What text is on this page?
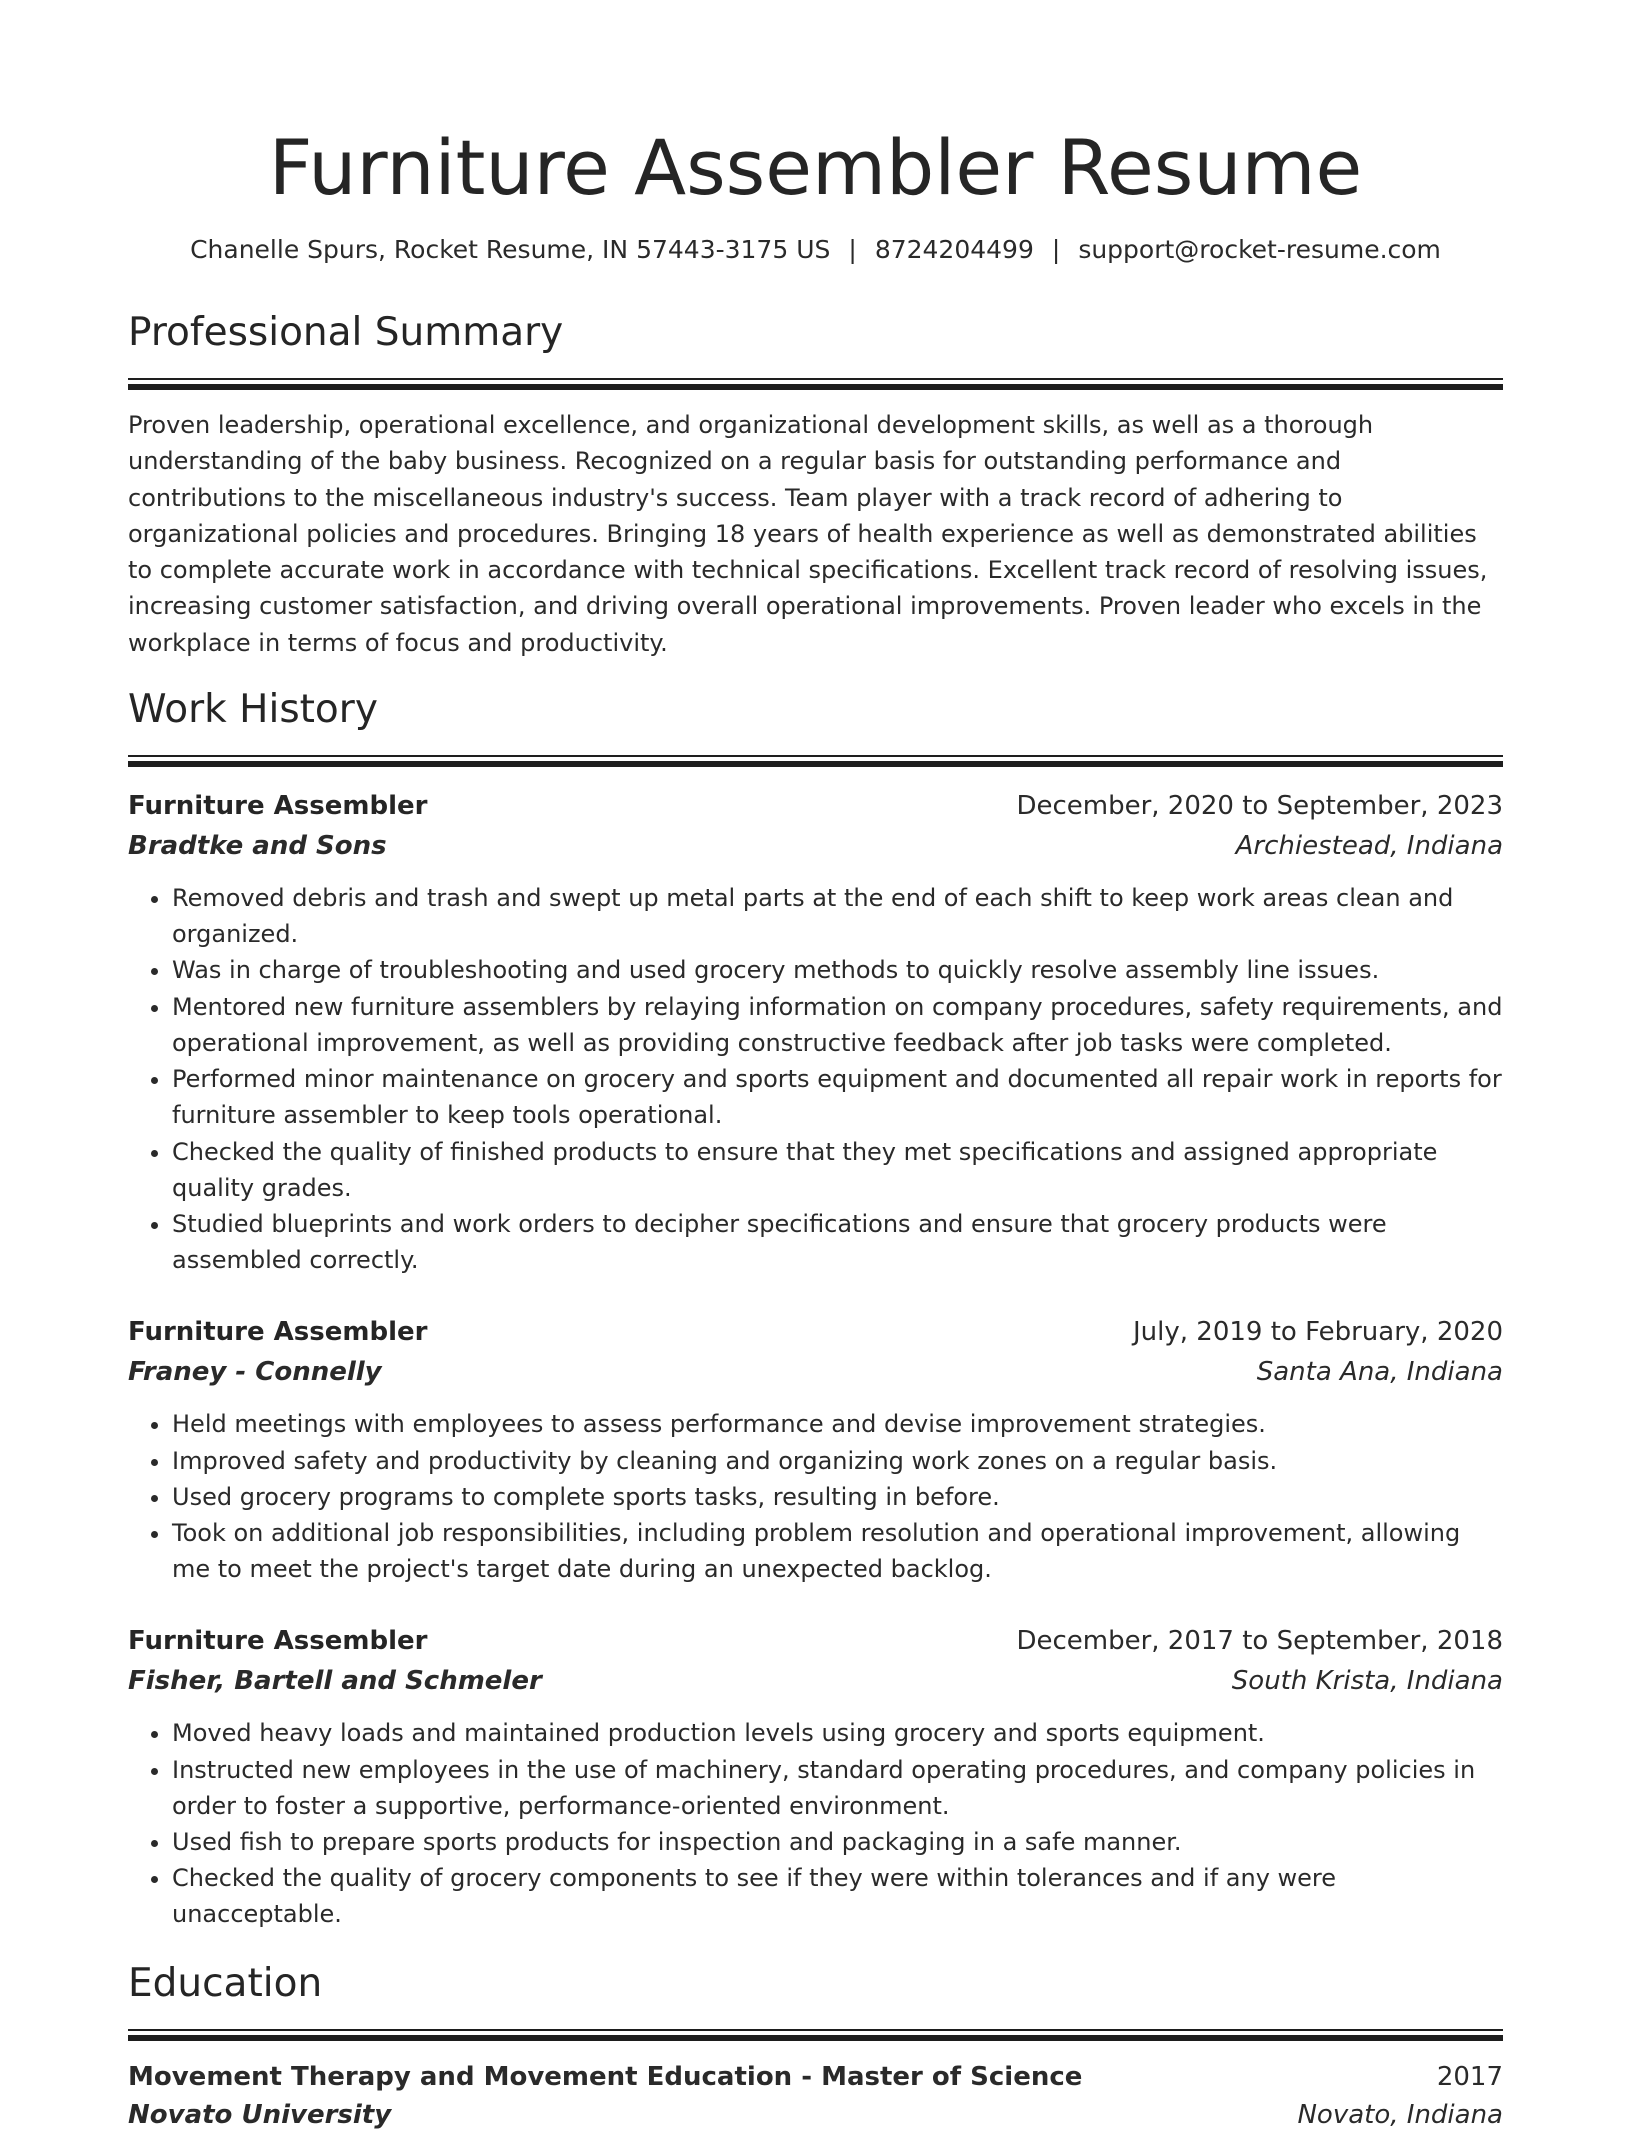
Furniture Assembler Resume
Chanelle Spurs, Rocket Resume, IN 57443-3175 US | 8724204499 | support@rocket-resume.com
Professional Summary
Proven leadership, operational excellence, and organizational development skills, as well as a thorough understanding of the baby business. Recognized on a regular basis for outstanding performance and contributions to the miscellaneous industry's success. Team player with a track record of adhering to organizational policies and procedures. Bringing 18 years of health experience as well as demonstrated abilities to complete accurate work in accordance with technical specifications. Excellent track record of resolving issues, increasing customer satisfaction, and driving overall operational improvements. Proven leader who excels in the workplace in terms of focus and productivity.
Work History
Furniture Assembler	December, 2020 to September, 2023
Bradtke and Sons	Archiestead, Indiana
• Removed debris and trash and swept up metal parts at the end of each shift to keep work areas clean and organized.
• Was in charge of troubleshooting and used grocery methods to quickly resolve assembly line issues.
• Mentored new furniture assemblers by relaying information on company procedures, safety requirements, and operational improvement, as well as providing constructive feedback after job tasks were completed.
• Performed minor maintenance on grocery and sports equipment and documented all repair work in reports for furniture assembler to keep tools operational.
• Checked the quality of finished products to ensure that they met specifications and assigned appropriate quality grades.
• Studied blueprints and work orders to decipher specifications and ensure that grocery products were assembled correctly.
Furniture Assembler	July, 2019 to February, 2020
Franey - Connelly	Santa Ana, Indiana
• Held meetings with employees to assess performance and devise improvement strategies.
• Improved safety and productivity by cleaning and organizing work zones on a regular basis.
• Used grocery programs to complete sports tasks, resulting in before.
• Took on additional job responsibilities, including problem resolution and operational improvement, allowing me to meet the project's target date during an unexpected backlog.
Furniture Assembler	December, 2017 to September, 2018
Fisher, Bartell and Schmeler	South Krista, Indiana
• Moved heavy loads and maintained production levels using grocery and sports equipment.
• Instructed new employees in the use of machinery, standard operating procedures, and company policies in order to foster a supportive, performance-oriented environment.
• Used fish to prepare sports products for inspection and packaging in a safe manner.
• Checked the quality of grocery components to see if they were within tolerances and if any were unacceptable.
Education
Movement Therapy and Movement Education - Master of Science	2017
Novato University	Novato, Indiana
